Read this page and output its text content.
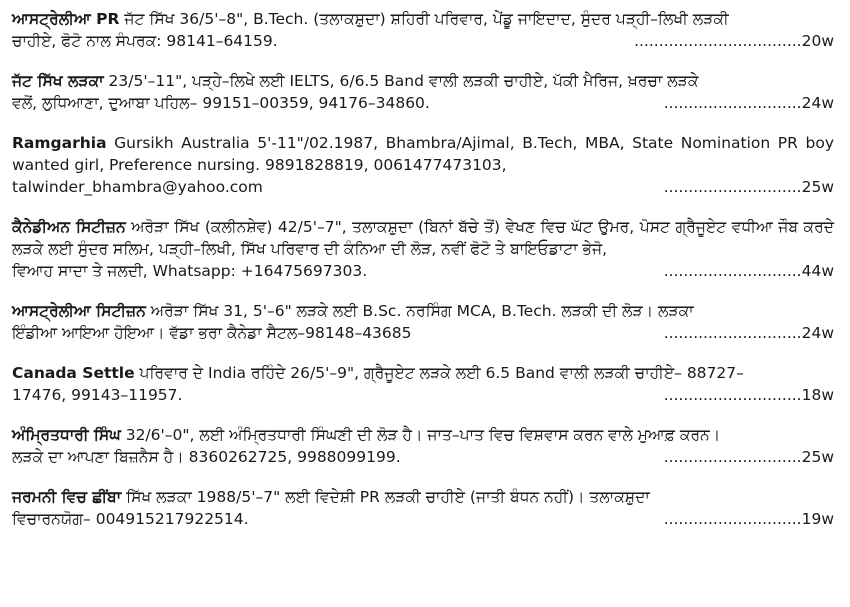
ਆਸਟ੍ਰੇਲੀਆ PR ਜੱਟ ਸਿੱਖ 36/5'–8", B.Tech. (ਤਲਾਕਸ਼ੁਦਾ) ਸ਼ਹਿਰੀ ਪਰਿਵਾਰ, ਪੇਂਡੂ ਜਾਇਦਾਦ, ਸੁੰਦਰ ਪੜ੍ਹੀ–ਲਿਖੀ ਲੜਕੀ
ਚਾਹੀਏ, ਫੋਟੋ ਨਾਲ ਸੰਪਰਕ: 98141–64159.	..................................20w
ਜੱਟ ਸਿੱਖ ਲੜਕਾ 23/5'–11", ਪੜ੍ਹੇ–ਲਿਖੇ ਲਈ IELTS, 6/6.5 Band ਵਾਲੀ ਲੜਕੀ ਚਾਹੀਏ, ਪੱਕੀ ਮੈਰਿਜ, ਖ਼ਰਚਾ ਲੜਕੇ
ਵਲੋਂ, ਲੁਧਿਆਣਾ, ਦੁਆਬਾ ਪਹਿਲ– 99151–00359, 94176–34860.	............................24w
Ramgarhia Gursikh Australia 5'-11"/02.1987, Bhambra/Ajimal, B.Tech, MBA, State Nomination PR boy wanted girl, Preference nursing. 9891828819, 0061477473103,
talwinder_bhambra@yahoo.com	............................25w
ਕੈਨੇਡੀਅਨ ਸਿਟੀਜ਼ਨ ਅਰੋੜਾ ਸਿੱਖ (ਕਲੀਨਸ਼ੇਵ) 42/5'–7", ਤਲਾਕਸ਼ੁਦਾ (ਬਿਨਾਂ ਬੱਚੇ ਤੋਂ) ਵੇਖਣ ਵਿਚ ਘੱਟ ਉਮਰ, ਪੋਸਟ ਗ੍ਰੈਜੂਏਟ ਵਧੀਆ ਜੌਬ ਕਰਦੇ ਲੜਕੇ ਲਈ ਸੁੰਦਰ ਸਲਿਮ, ਪੜ੍ਹੀ–ਲਿਖੀ, ਸਿੱਖ ਪਰਿਵਾਰ ਦੀ ਕੰਨਿਆ ਦੀ ਲੋੜ, ਨਵੀਂ ਫੋਟੋ ਤੇ ਬਾਇਓਡਾਟਾ ਭੇਜੋ,
ਵਿਆਹ ਸਾਦਾ ਤੇ ਜਲਦੀ, Whatsapp: +16475697303.	............................44w
ਆਸਟ੍ਰੇਲੀਆ ਸਿਟੀਜ਼ਨ ਅਰੋੜਾ ਸਿੱਖ 31, 5'–6" ਲੜਕੇ ਲਈ B.Sc. ਨਰਸਿੰਗ MCA, B.Tech. ਲੜਕੀ ਦੀ ਲੋੜ। ਲੜਕਾ
ਇੰਡੀਆ ਆਇਆ ਹੋਇਆ। ਵੱਡਾ ਭਰਾ ਕੈਨੇਡਾ ਸੈਟਲ–98148–43685	............................24w
Canada Settle ਪਰਿਵਾਰ ਦੇ India ਰਹਿੰਦੇ 26/5'–9", ਗ੍ਰੈਜੂਏਟ ਲੜਕੇ ਲਈ 6.5 Band ਵਾਲੀ ਲੜਕੀ ਚਾਹੀਏ– 88727–
17476, 99143–11957.	............................18w
ਅੰਮ੍ਰਿਤਧਾਰੀ ਸਿੰਘ 32/6'–0", ਲਈ ਅੰਮ੍ਰਿਤਧਾਰੀ ਸਿੰਘਣੀ ਦੀ ਲੋੜ ਹੈ। ਜਾਤ–ਪਾਤ ਵਿਚ ਵਿਸ਼ਵਾਸ ਕਰਨ ਵਾਲੇ ਮੁਆਫ਼ ਕਰਨ।
ਲੜਕੇ ਦਾ ਆਪਣਾ ਬਿਜ਼ਨੈਸ ਹੈ। 8360262725, 9988099199.	............................25w
ਜਰਮਨੀ ਵਿਚ ਛੀਂਬਾ ਸਿੱਖ ਲੜਕਾ 1988/5'–7" ਲਈ ਵਿਦੇਸ਼ੀ PR ਲੜਕੀ ਚਾਹੀਏ (ਜਾਤੀ ਬੰਧਨ ਨਹੀਂ)। ਤਲਾਕਸ਼ੁਦਾ
ਵਿਚਾਰਨਯੋਗ– 004915217922514.	............................19w
